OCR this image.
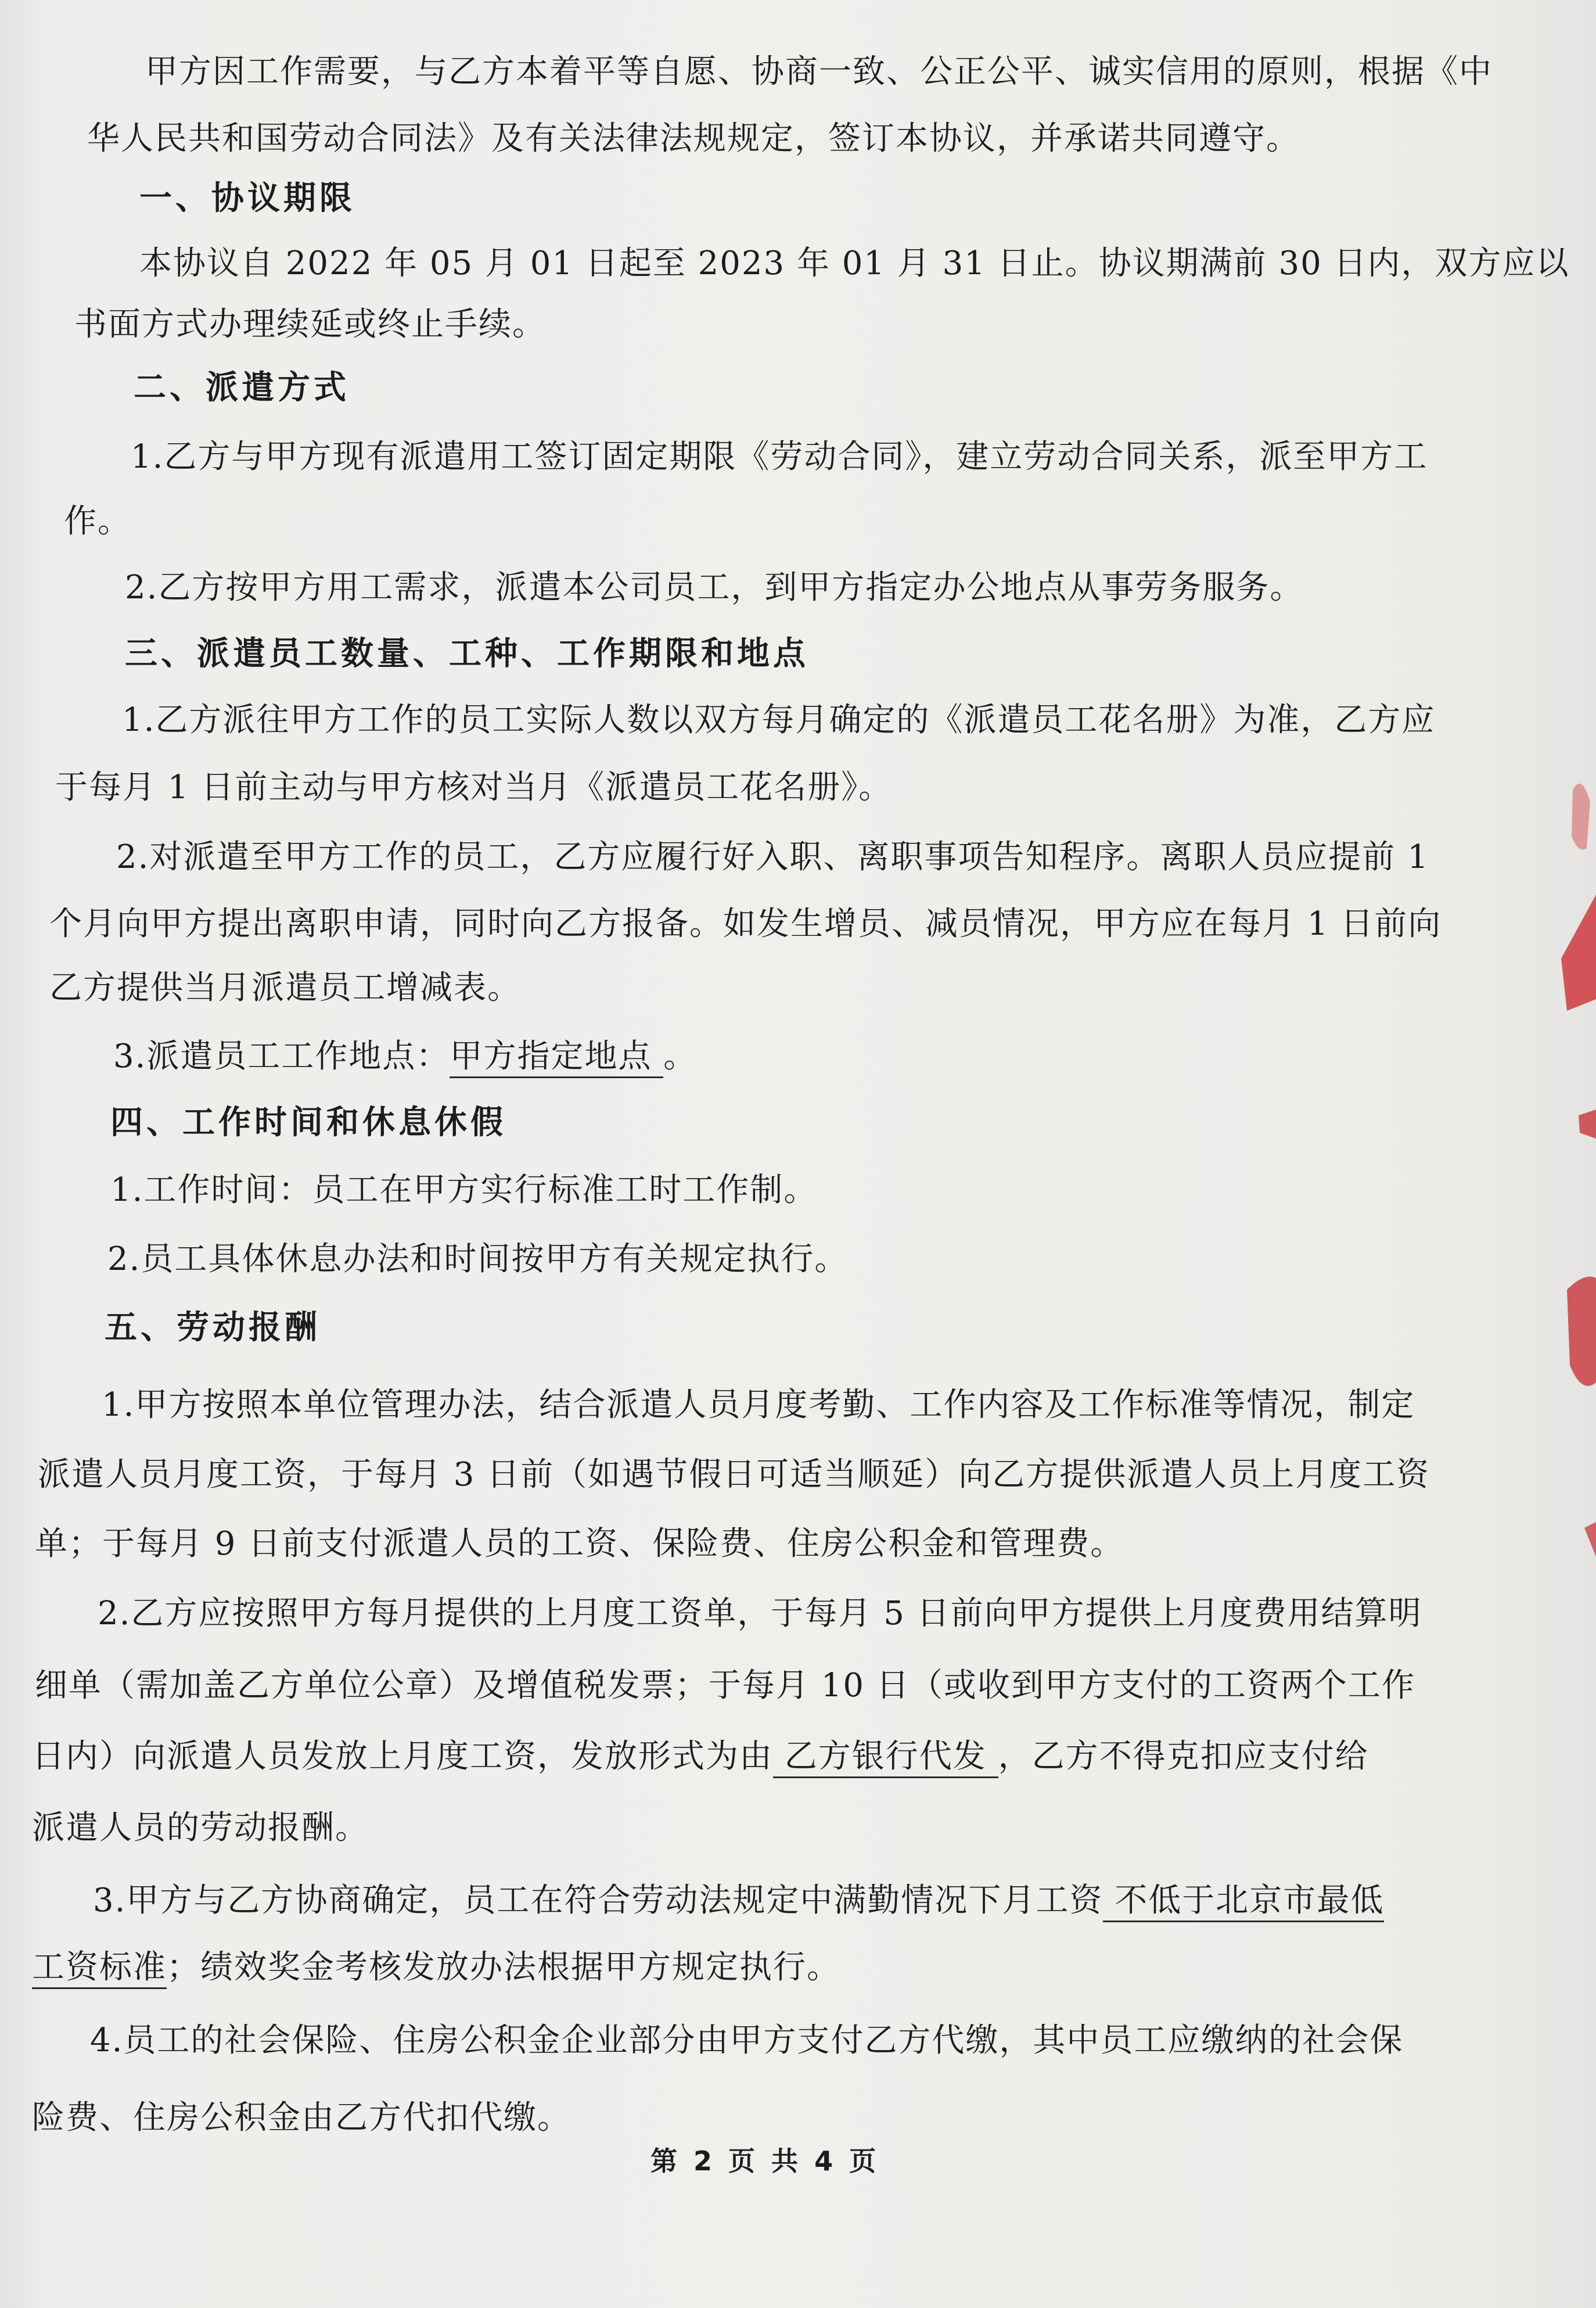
甲方因工作需要，与乙方本着平等自愿、协商一致、公正公平、诚实信用的原则，根据《中
华人民共和国劳动合同法》及有关法律法规规定，签订本协议，并承诺共同遵守。
一、协议期限
本协议自 2022 年 05 月 01 日起至 2023 年 01 月 31 日止。协议期满前 30 日内，双方应以
书面方式办理续延或终止手续。
二、派遣方式
1.乙方与甲方现有派遣用工签订固定期限《劳动合同》，建立劳动合同关系，派至甲方工
作。
2.乙方按甲方用工需求，派遣本公司员工，到甲方指定办公地点从事劳务服务。
三、派遣员工数量、工种、工作期限和地点
1.乙方派往甲方工作的员工实际人数以双方每月确定的《派遣员工花名册》为准，乙方应
于每月 1 日前主动与甲方核对当月《派遣员工花名册》。
2.对派遣至甲方工作的员工，乙方应履行好入职、离职事项告知程序。离职人员应提前 1
个月向甲方提出离职申请，同时向乙方报备。如发生增员、减员情况，甲方应在每月 1 日前向
乙方提供当月派遣员工增减表。
3.派遣员工工作地点：甲方指定地点 。
四、工作时间和休息休假
1.工作时间：员工在甲方实行标准工时工作制。
2.员工具体休息办法和时间按甲方有关规定执行。
五、劳动报酬
1.甲方按照本单位管理办法，结合派遣人员月度考勤、工作内容及工作标准等情况，制定
派遣人员月度工资，于每月 3 日前（如遇节假日可适当顺延）向乙方提供派遣人员上月度工资
单；于每月 9 日前支付派遣人员的工资、保险费、住房公积金和管理费。
2.乙方应按照甲方每月提供的上月度工资单，于每月 5 日前向甲方提供上月度费用结算明
细单（需加盖乙方单位公章）及增值税发票；于每月 10 日（或收到甲方支付的工资两个工作
日内）向派遣人员发放上月度工资，发放形式为由 乙方银行代发 ，乙方不得克扣应支付给
派遣人员的劳动报酬。
3.甲方与乙方协商确定，员工在符合劳动法规定中满勤情况下月工资 不低于北京市最低
工资标准；绩效奖金考核发放办法根据甲方规定执行。
4.员工的社会保险、住房公积金企业部分由甲方支付乙方代缴，其中员工应缴纳的社会保
险费、住房公积金由乙方代扣代缴。
第 2 页 共 4 页
